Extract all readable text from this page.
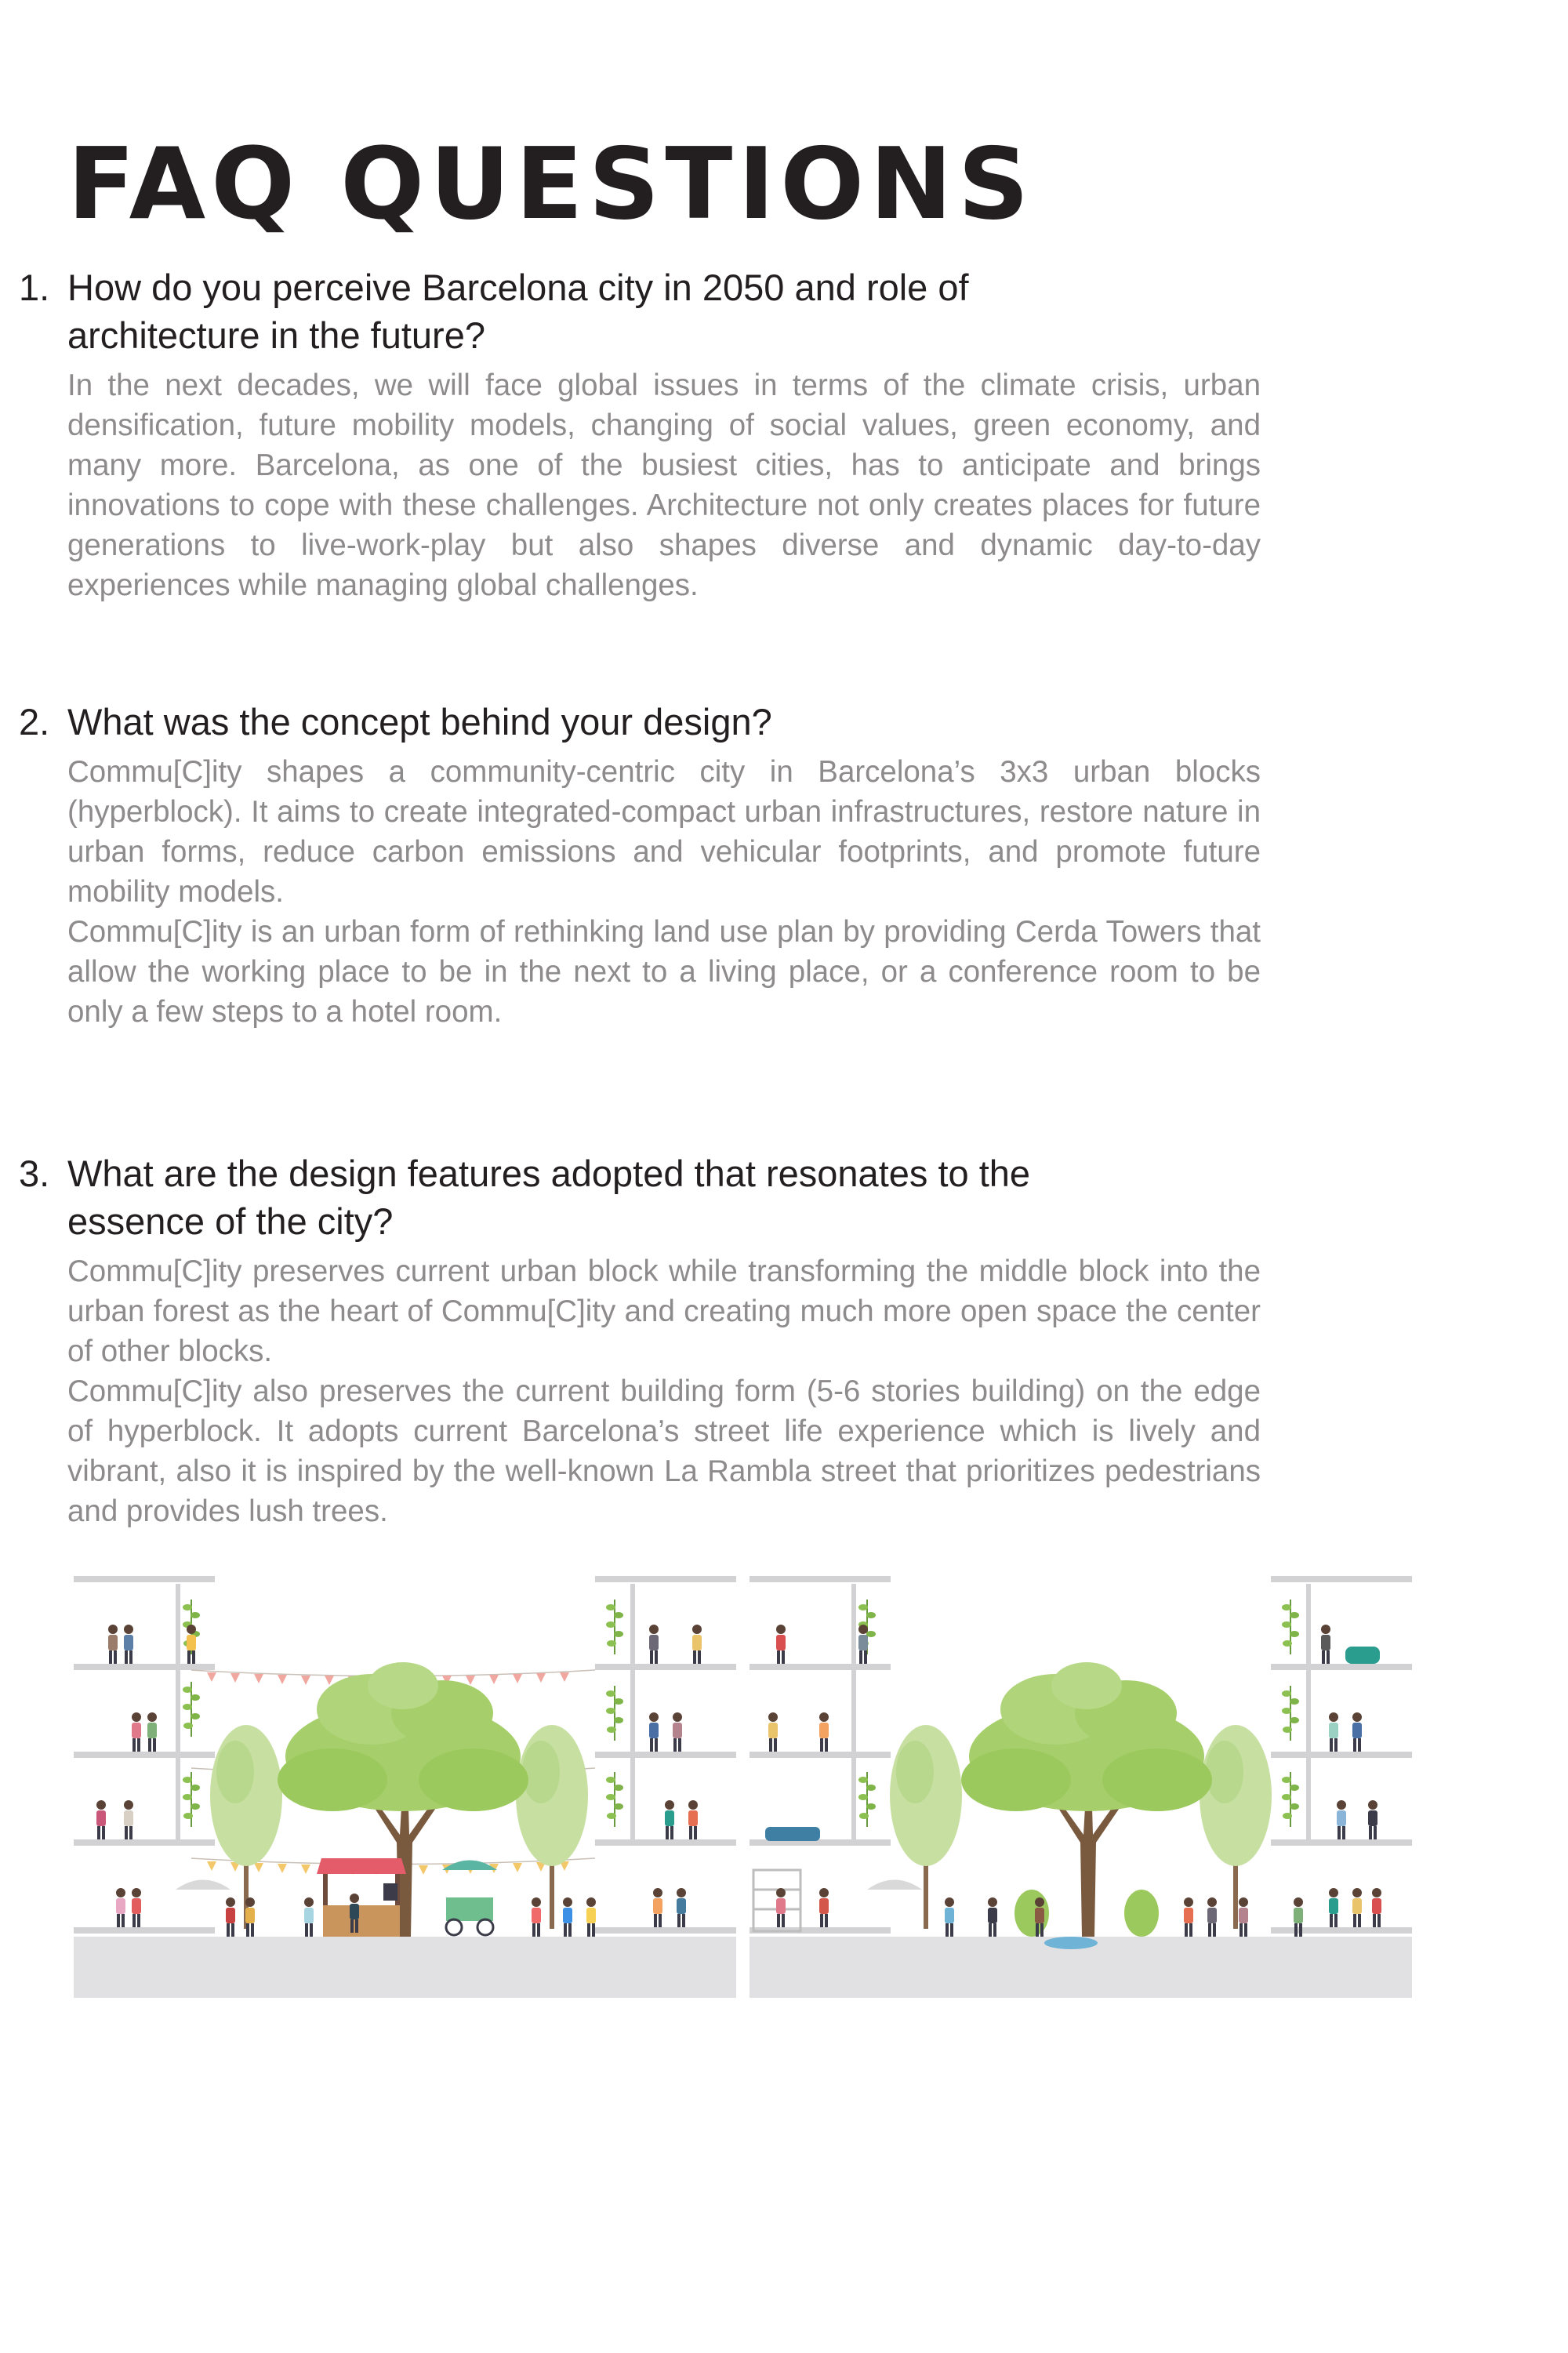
FAQ QUESTIONS
1. How do you perceive Barcelona city in 2050 and role of architecture in the future?

In the next decades, we will face global issues in terms of the climate crisis, urban densification, future mobility models, changing of social values, green economy, and many more. Barcelona, as one of the busiest cities, has to anticipate and brings innovations to cope with these challenges. Architecture not only creates places for future generations to live-work-play but also shapes diverse and dynamic day-to-day experiences while managing global challenges.

2. What was the concept behind your design?

Commu[C]ity shapes a community-centric city in Barcelona’s 3x3 urban blocks (hyperblock). It aims to create integrated-compact urban infrastructures, restore nature in urban forms, reduce carbon emissions and vehicular footprints, and promote future mobility models.

Commu[C]ity is an urban form of rethinking land use plan by providing Cerda Towers that allow the working place to be in the next to a living place, or a conference room to be only a few steps to a hotel room.

3. What are the design features adopted that resonates to the essence of the city?

Commu[C]ity preserves current urban block while transforming the middle block into the urban forest as the heart of Commu[C]ity and creating much more open space the center of other blocks.

Commu[C]ity also preserves the current building form (5-6 stories building) on the edge of hyperblock. It adopts current Barcelona’s street life experience which is lively and vibrant, also it is inspired by the well-known La Rambla street that prioritizes pedestrians and provides lush trees.
